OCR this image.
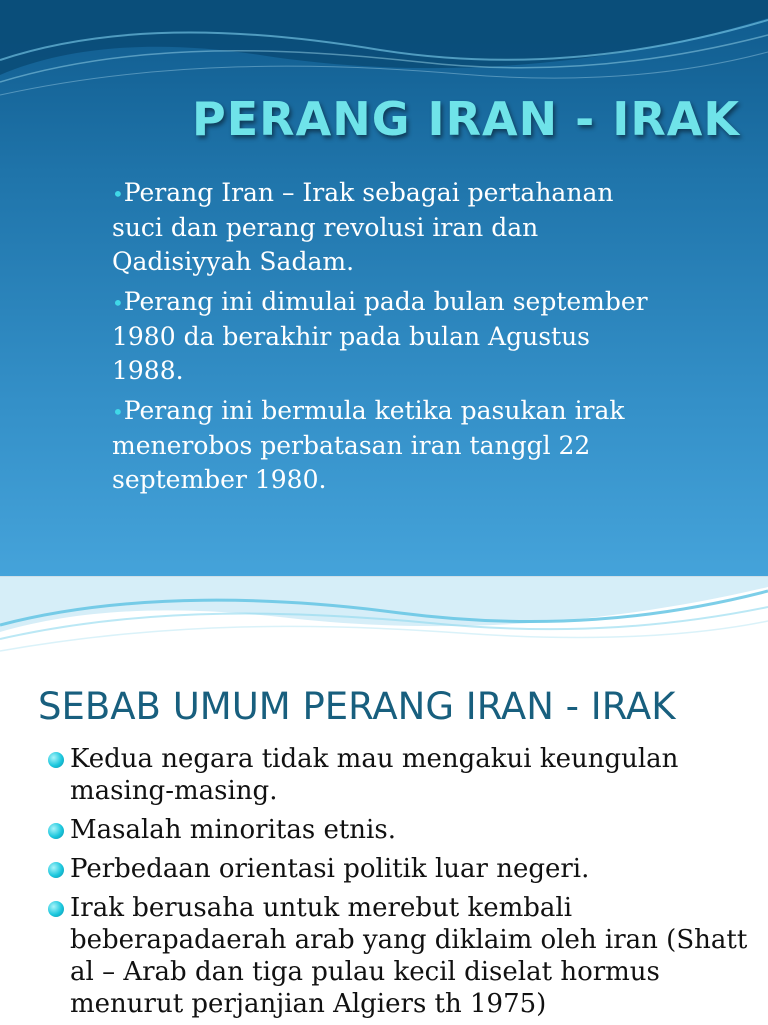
PERANG IRAN - IRAK
•Perang Iran – Irak sebagai pertahanan suci dan perang revolusi iran dan Qadisiyyah Sadam.
•Perang ini dimulai pada bulan september 1980 da berakhir pada bulan Agustus 1988.
•Perang ini bermula ketika pasukan irak menerobos perbatasan iran tanggl 22 september 1980.
SEBAB UMUM PERANG IRAN - IRAK
Kedua negara tidak mau mengakui keungulan masing-masing.
Masalah minoritas etnis.
Perbedaan orientasi politik luar negeri.
Irak berusaha untuk merebut kembali beberapadaerah arab yang diklaim oleh iran (Shatt al – Arab dan tiga pulau kecil diselat hormus menurut perjanjian Algiers th 1975)
